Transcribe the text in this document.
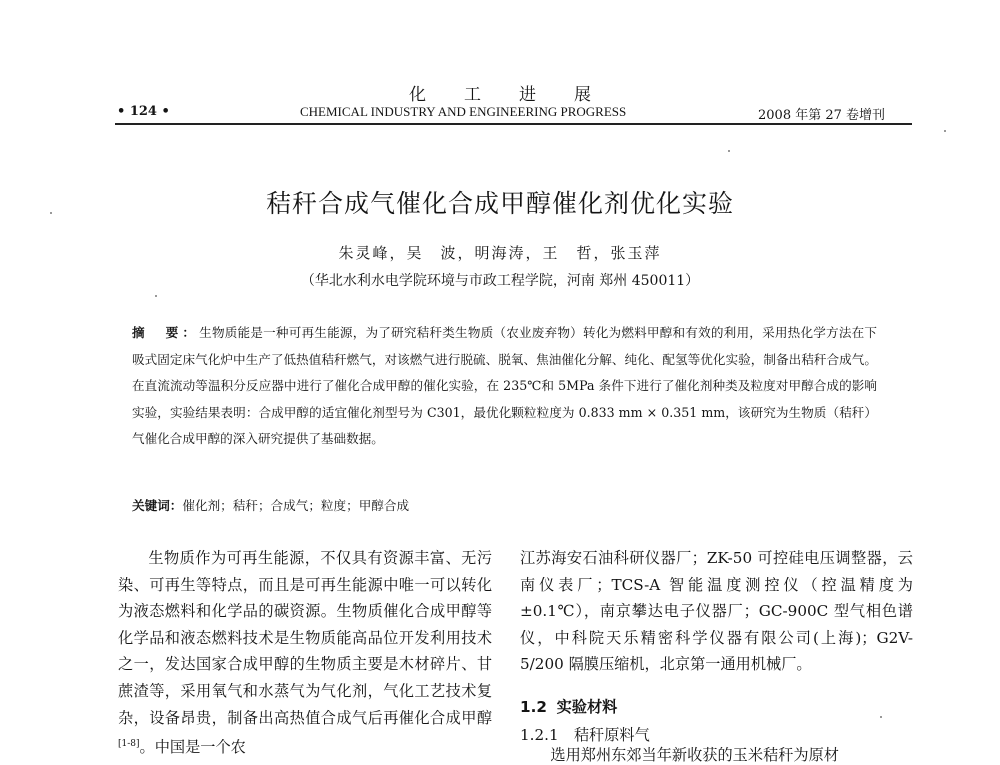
化工进展
• 124 •	CHEMICAL INDUSTRY AND ENGINEERING PROGRESS	2008 年第 27 卷增刊
秸秆合成气催化合成甲醇催化剂优化实验
朱灵峰，吴　波，明海涛，王　哲，张玉萍
（华北水利水电学院环境与市政工程学院，河南 郑州 450011）
摘　要：生物质能是一种可再生能源，为了研究秸秆类生物质（农业废弃物）转化为燃料甲醇和有效的利用，采用热化学方法在下吸式固定床气化炉中生产了低热值秸秆燃气，对该燃气进行脱硫、脱氧、焦油催化分解、纯化、配氢等优化实验，制备出秸秆合成气。在直流流动等温积分反应器中进行了催化合成甲醇的催化实验，在 235℃和 5MPa 条件下进行了催化剂种类及粒度对甲醇合成的影响实验，实验结果表明：合成甲醇的适宜催化剂型号为 C301，最优化颗粒粒度为 0.833 mm × 0.351 mm，该研究为生物质（秸秆）气催化合成甲醇的深入研究提供了基础数据。
关键词：催化剂；秸秆；合成气；粒度；甲醇合成
生物质作为可再生能源，不仅具有资源丰富、无污染、可再生等特点，而且是可再生能源中唯一可以转化为液态燃料和化学品的碳资源。生物质催化合成甲醇等化学品和液态燃料技术是生物质能高品位开发利用技术之一，发达国家合成甲醇的生物质主要是木材碎片、甘蔗渣等，采用氧气和水蒸气为气化剂，气化工艺技术复杂，设备昂贵，制备出高热值合成气后再催化合成甲醇[1-8]。中国是一个农
江苏海安石油科研仪器厂；ZK-50 可控硅电压调整器，云南仪表厂；TCS-A 智能温度测控仪（控温精度为±0.1℃），南京攀达电子仪器厂；GC-900C 型气相色谱仪，中科院天乐精密科学仪器有限公司(上海)；G2V-5/200 隔膜压缩机，北京第一通用机械厂。
1.2 实验材料
1.2.1　秸秆原料气
选用郑州东郊当年新收获的玉米秸秆为原材
